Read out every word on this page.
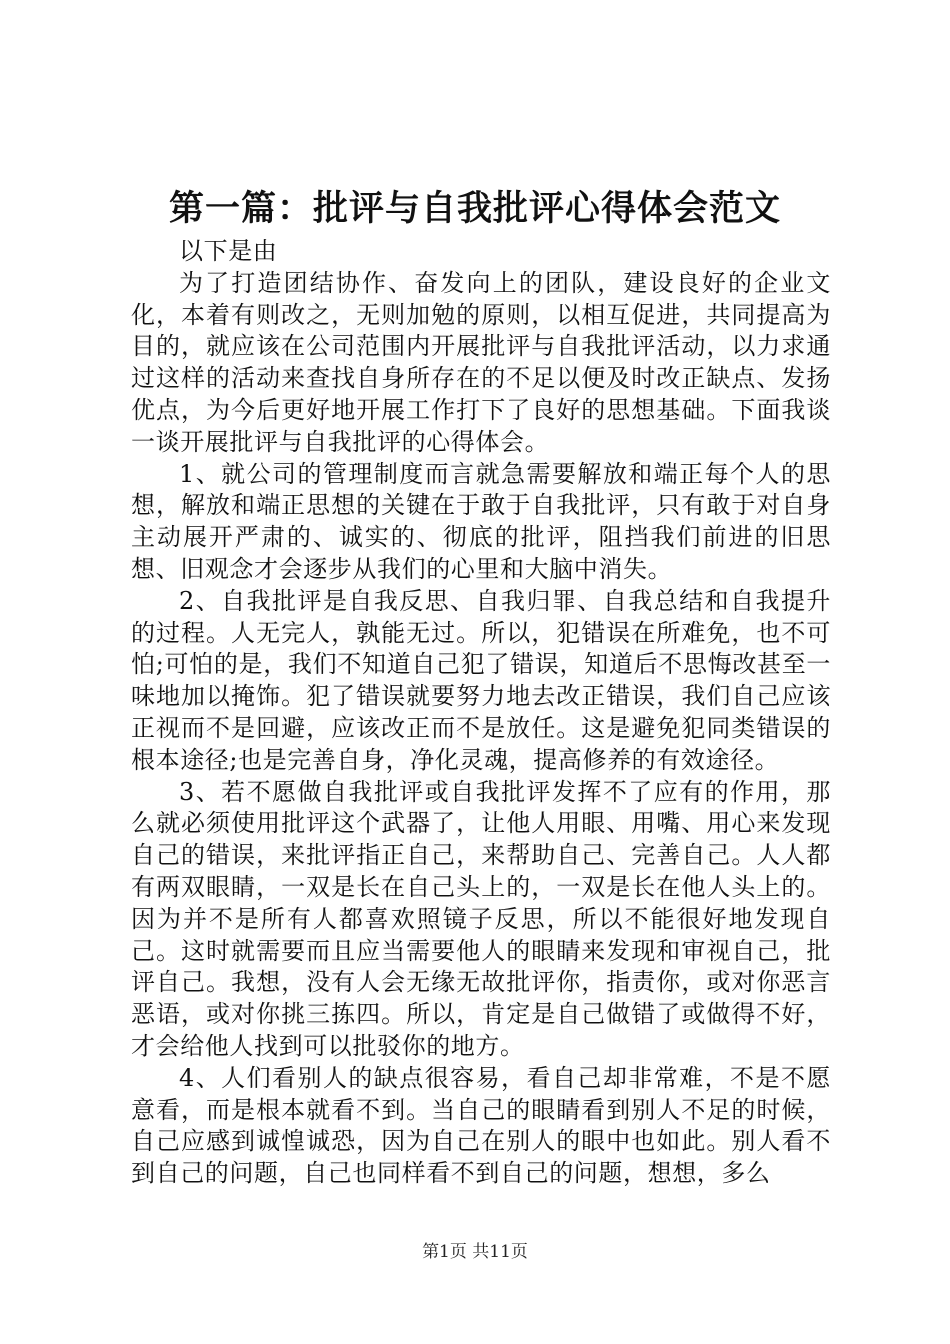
第一篇：批评与自我批评心得体会范文

以下是由

为了打造团结协作、奋发向上的团队，建设良好的企业文化，本着有则改之，无则加勉的原则，以相互促进，共同提高为目的，就应该在公司范围内开展批评与自我批评活动，以力求通过这样的活动来查找自身所存在的不足以便及时改正缺点、发扬优点，为今后更好地开展工作打下了良好的思想基础。下面我谈一谈开展批评与自我批评的心得体会。

1、就公司的管理制度而言就急需要解放和端正每个人的思想，解放和端正思想的关键在于敢于自我批评，只有敢于对自身主动展开严肃的、诚实的、彻底的批评，阻挡我们前进的旧思想、旧观念才会逐步从我们的心里和大脑中消失。

2、自我批评是自我反思、自我归罪、自我总结和自我提升的过程。人无完人，孰能无过。所以，犯错误在所难免，也不可怕;可怕的是，我们不知道自己犯了错误，知道后不思悔改甚至一味地加以掩饰。犯了错误就要努力地去改正错误，我们自己应该正视而不是回避，应该改正而不是放任。这是避免犯同类错误的根本途径;也是完善自身，净化灵魂，提高修养的有效途径。

3、若不愿做自我批评或自我批评发挥不了应有的作用，那么就必须使用批评这个武器了，让他人用眼、用嘴、用心来发现自己的错误，来批评指正自己，来帮助自己、完善自己。人人都有两双眼睛，一双是长在自己头上的，一双是长在他人头上的。因为并不是所有人都喜欢照镜子反思，所以不能很好地发现自己。这时就需要而且应当需要他人的眼睛来发现和审视自己，批评自己。我想，没有人会无缘无故批评你，指责你，或对你恶言恶语，或对你挑三拣四。所以，肯定是自己做错了或做得不好，才会给他人找到可以批驳你的地方。

4、人们看别人的缺点很容易，看自己却非常难，不是不愿意看，而是根本就看不到。当自己的眼睛看到别人不足的时候，自己应感到诚惶诚恐，因为自己在别人的眼中也如此。别人看不到自己的问题，自己也同样看不到自己的问题，想想，多么

第1页 共11页
